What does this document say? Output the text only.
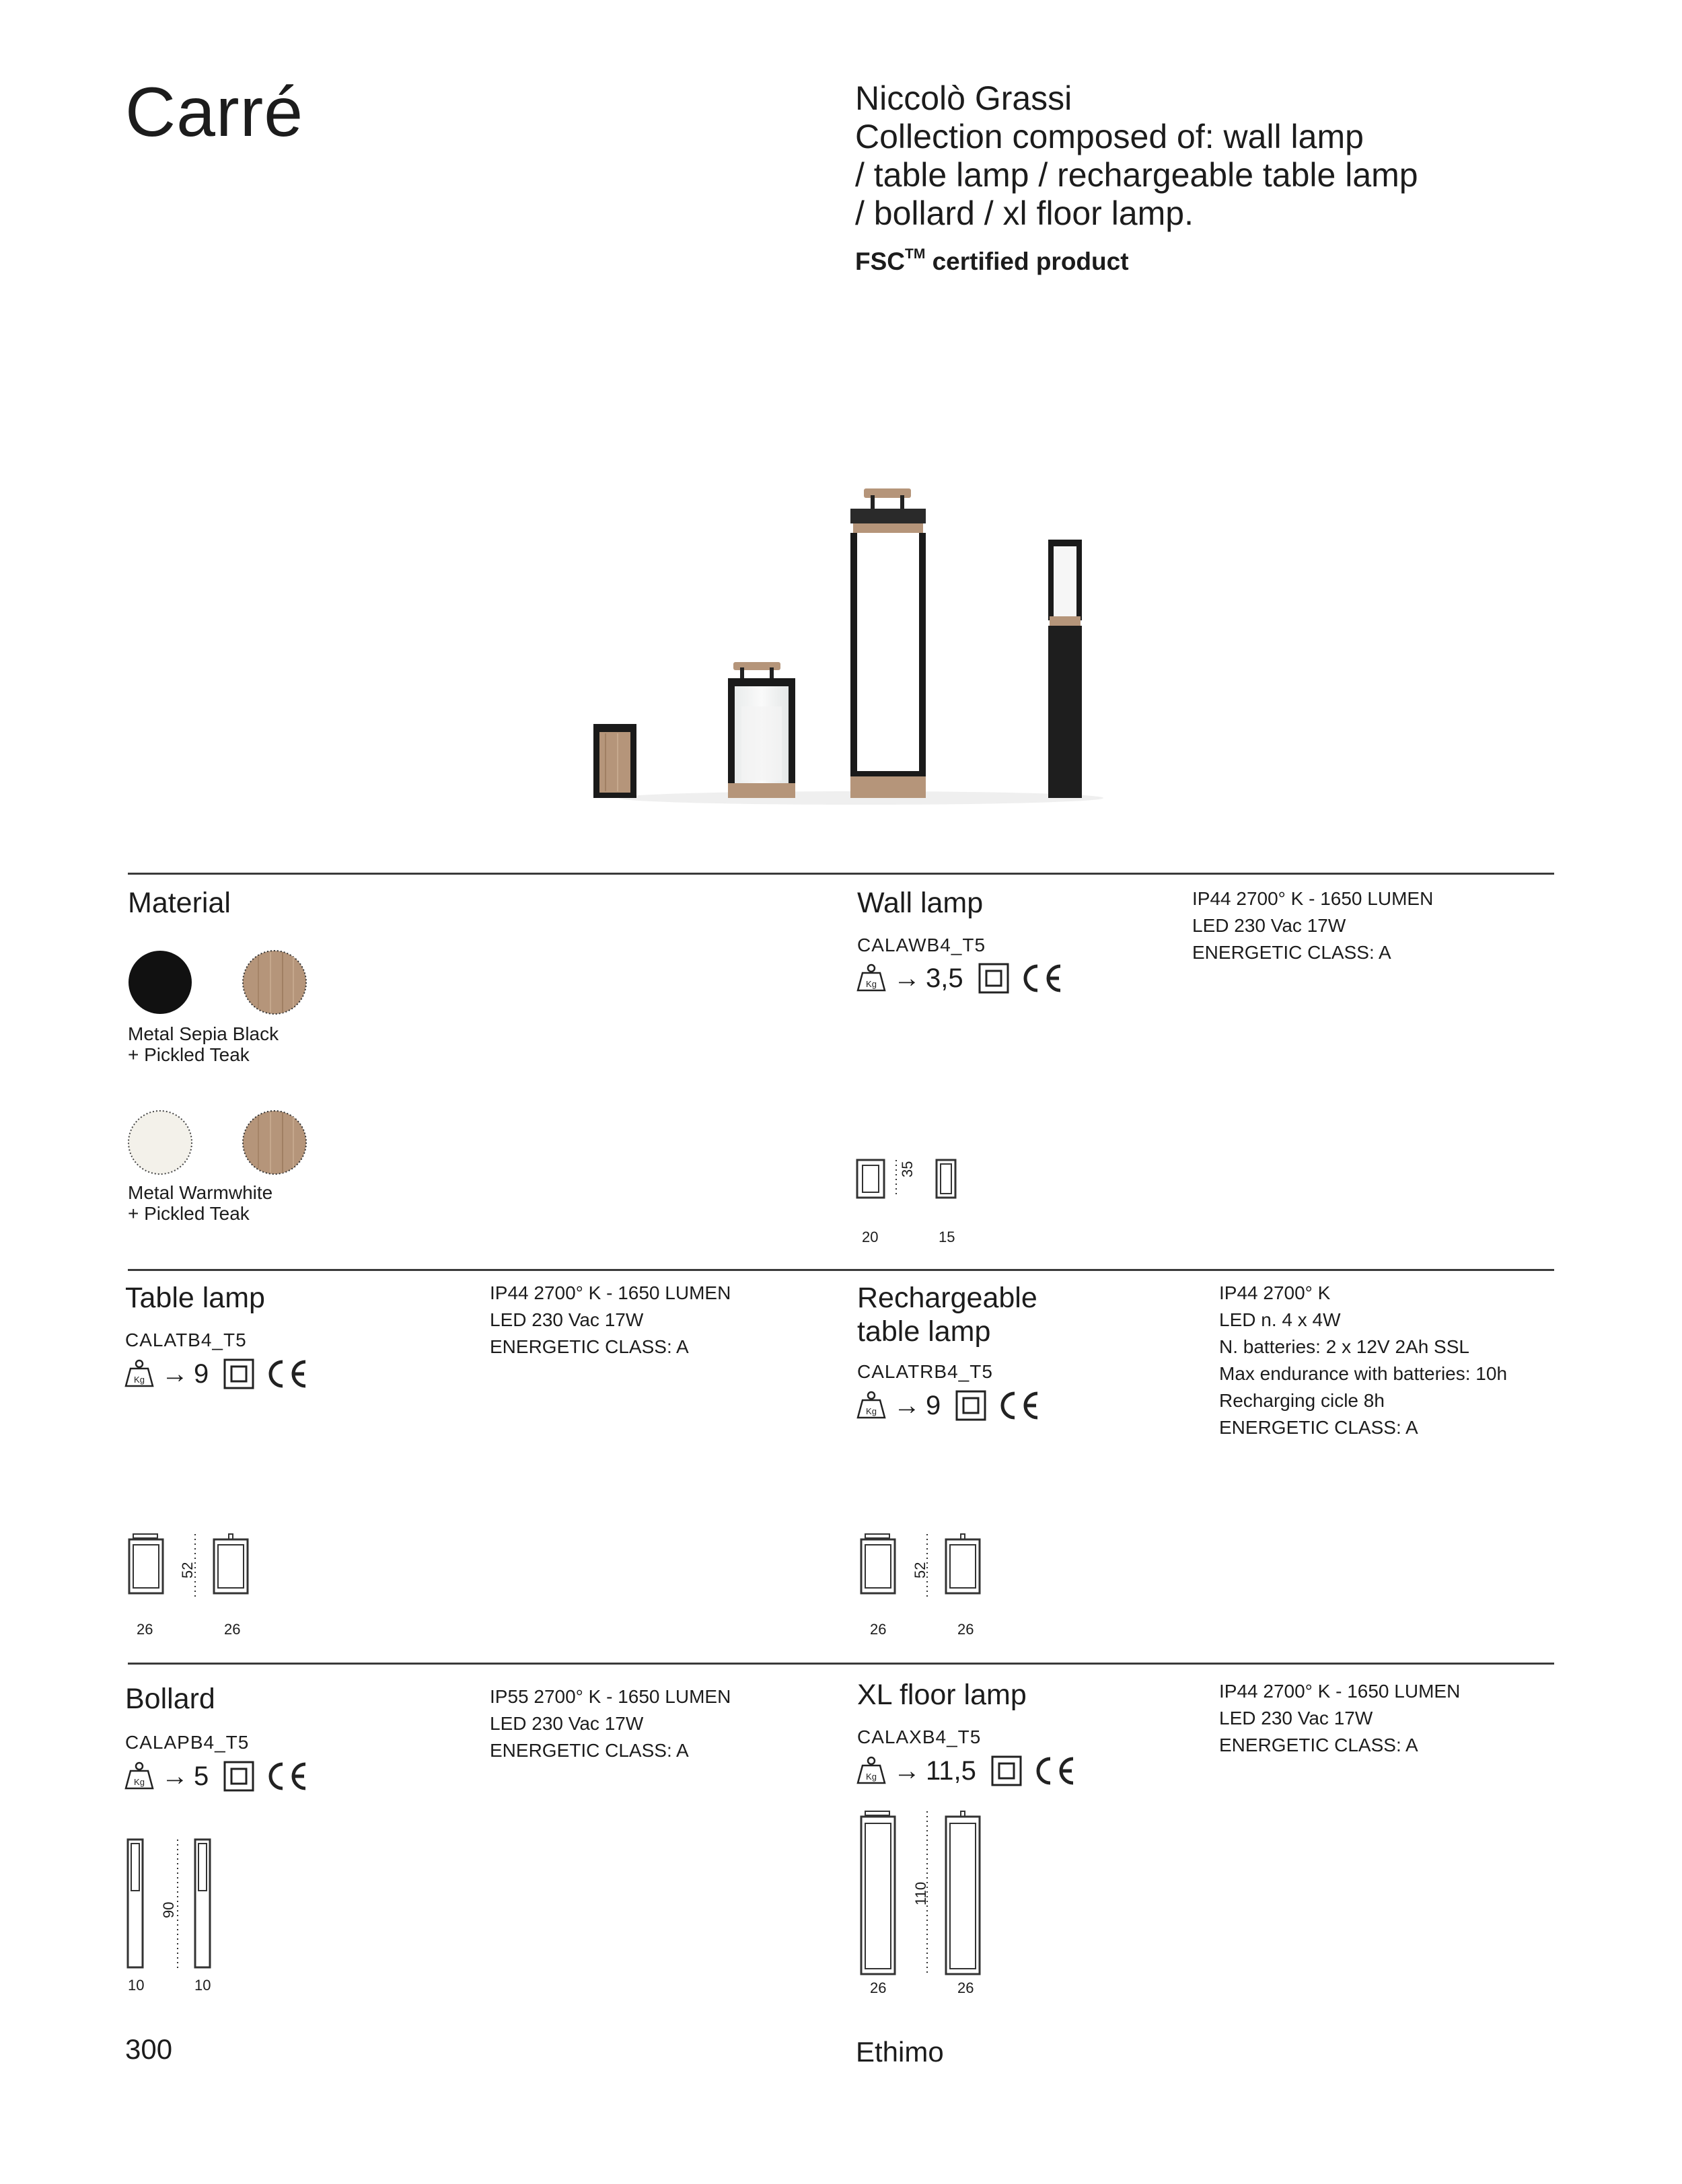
Carré	Niccolò Grassi
Collection composed of: wall lamp
/ table lamp / rechargeable table lamp
/ bollard / xl floor lamp.
FSC™ certified product
Material
Metal Sepia Black
+ Pickled Teak
Metal Warmwhite
+ Pickled Teak
Wall lamp
CALAWB4_T5
Kg → 3,5
IP44 2700° K - 1650 LUMEN
LED 230 Vac 17W
ENERGETIC CLASS: A
35
20	15
Table lamp
CALATB4_T5
Kg → 9
IP44 2700° K - 1650 LUMEN
LED 230 Vac 17W
ENERGETIC CLASS: A
52
26	26
Rechargeable
table lamp
CALATRB4_T5
Kg → 9
IP44 2700° K
LED n. 4 x 4W
N. batteries: 2 x 12V 2Ah SSL
Max endurance with batteries: 10h
Recharging cicle 8h
ENERGETIC CLASS: A
52
26	26
Bollard
CALAPB4_T5
Kg → 5
IP55 2700° K - 1650 LUMEN
LED 230 Vac 17W
ENERGETIC CLASS: A
90
10	10
XL floor lamp
CALAXB4_T5
Kg → 11,5
IP44 2700° K - 1650 LUMEN
LED 230 Vac 17W
ENERGETIC CLASS: A
110
26	26
300	Ethimo
